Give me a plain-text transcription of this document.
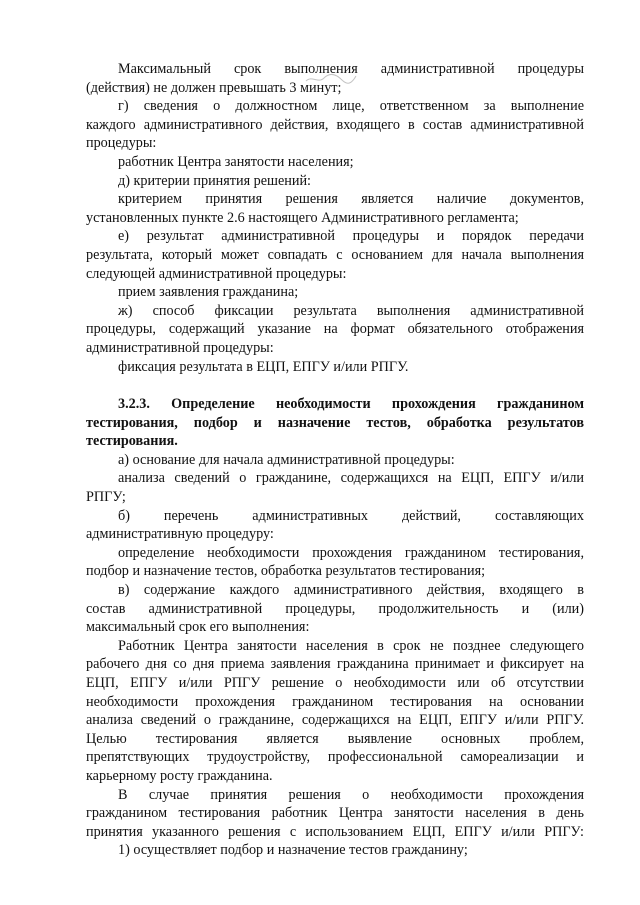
Максимальный срок выполнения административной процедуры
(действия) не должен превышать 3 минут;
г) сведения о должностном лице, ответственном за выполнение
каждого административного действия, входящего в состав административной
процедуры:
работник Центра занятости населения;
д) критерии принятия решений:
критерием принятия решения является наличие документов,
установленных пункте 2.6 настоящего Административного регламента;
е) результат административной процедуры и порядок передачи
результата, который может совпадать с основанием для начала выполнения
следующей административной процедуры:
прием заявления гражданина;
ж) способ фиксации результата выполнения административной
процедуры, содержащий указание на формат обязательного отображения
административной процедуры:
фиксация результата в ЕЦП, ЕПГУ и/или РПГУ.
3.2.3. Определение необходимости прохождения гражданином
тестирования, подбор и назначение тестов, обработка результатов
тестирования.
а) основание для начала административной процедуры:
анализа сведений о гражданине, содержащихся на ЕЦП, ЕПГУ и/или
РПГУ;
б) перечень административных действий, составляющих
административную процедуру:
определение необходимости прохождения гражданином тестирования,
подбор и назначение тестов, обработка результатов тестирования;
в) содержание каждого административного действия, входящего в
состав административной процедуры, продолжительность и (или)
максимальный срок его выполнения:
Работник Центра занятости населения в срок не позднее следующего
рабочего дня со дня приема заявления гражданина принимает и фиксирует на
ЕЦП, ЕПГУ и/или РПГУ решение о необходимости или об отсутствии
необходимости прохождения гражданином тестирования на основании
анализа сведений о гражданине, содержащихся на ЕЦП, ЕПГУ и/или РПГУ.
Целью тестирования является выявление основных проблем,
препятствующих трудоустройству, профессиональной самореализации и
карьерному росту гражданина.
В случае принятия решения о необходимости прохождения
гражданином тестирования работник Центра занятости населения в день
принятия указанного решения с использованием ЕЦП, ЕПГУ и/или РПГУ:
1) осуществляет подбор и назначение тестов гражданину;
